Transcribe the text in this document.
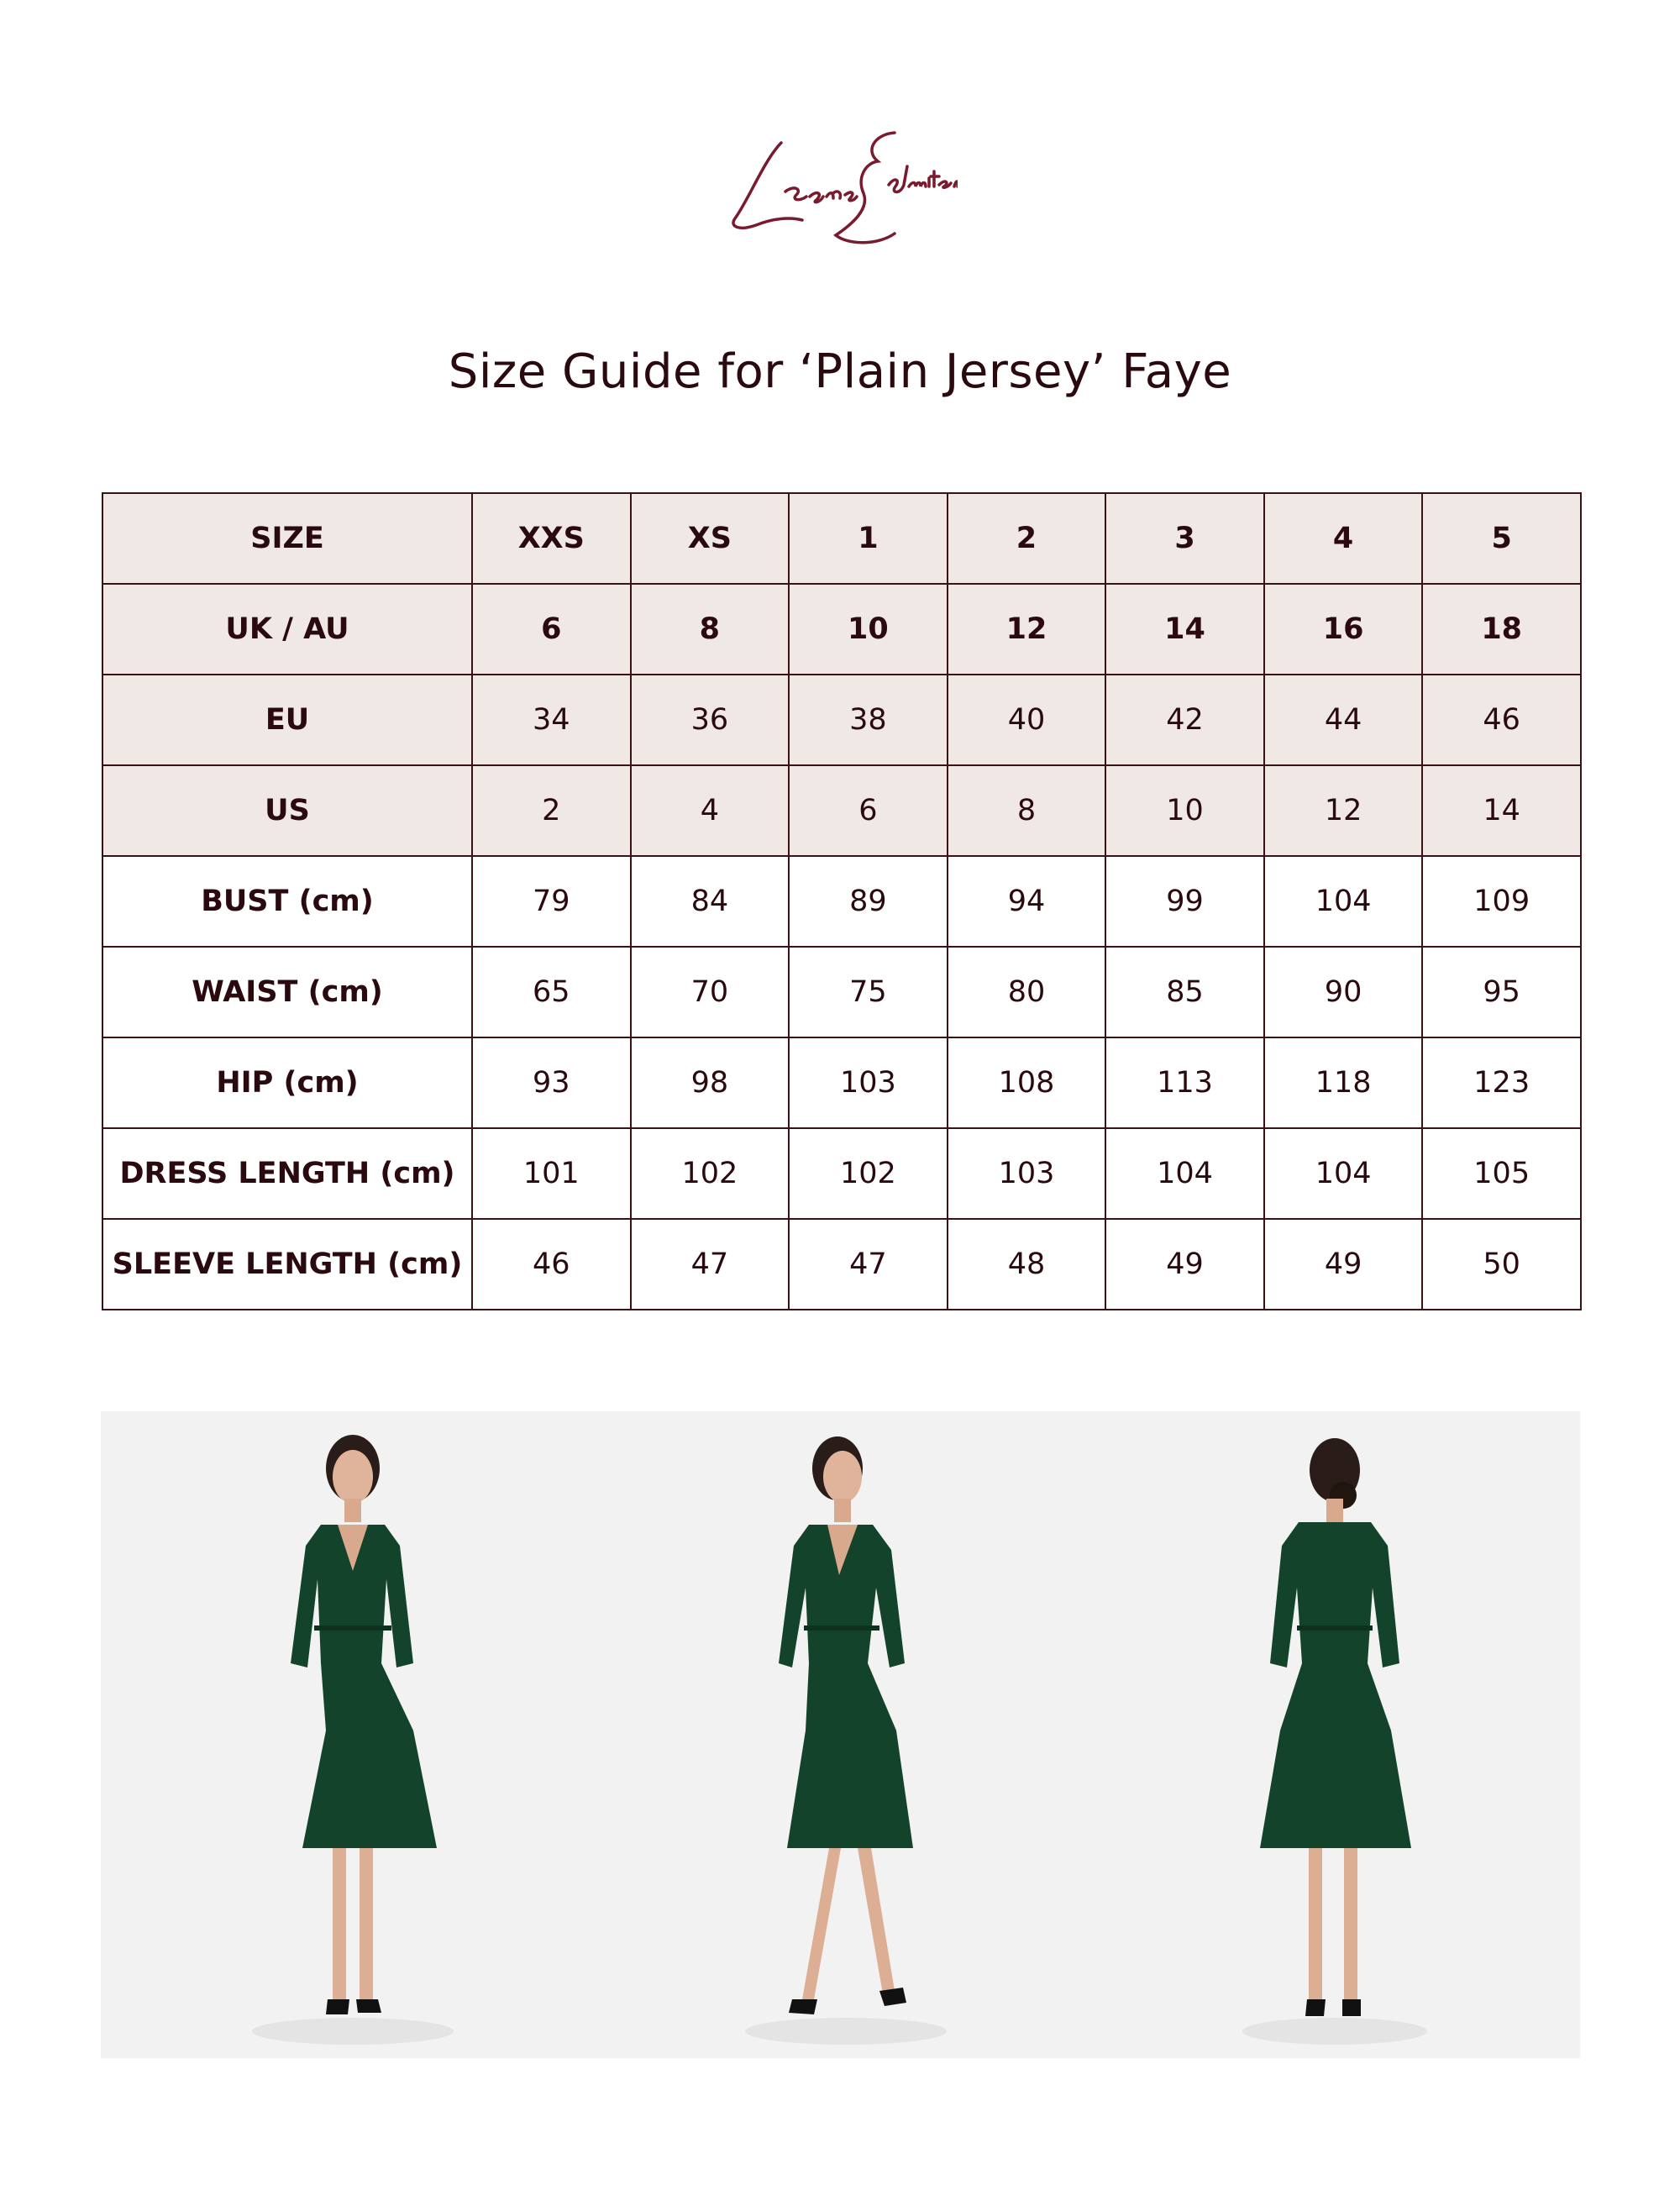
Size Guide for ‘Plain Jersey’ Faye
SIZE	XXS	XS	1	2	3	4	5
UK / AU	6	8	10	12	14	16	18
EU	34	36	38	40	42	44	46
US	2	4	6	8	10	12	14
BUST (cm)	79	84	89	94	99	104	109
WAIST (cm)	65	70	75	80	85	90	95
HIP (cm)	93	98	103	108	113	118	123
DRESS LENGTH (cm)	101	102	102	103	104	104	105
SLEEVE LENGTH (cm)	46	47	47	48	49	49	50
